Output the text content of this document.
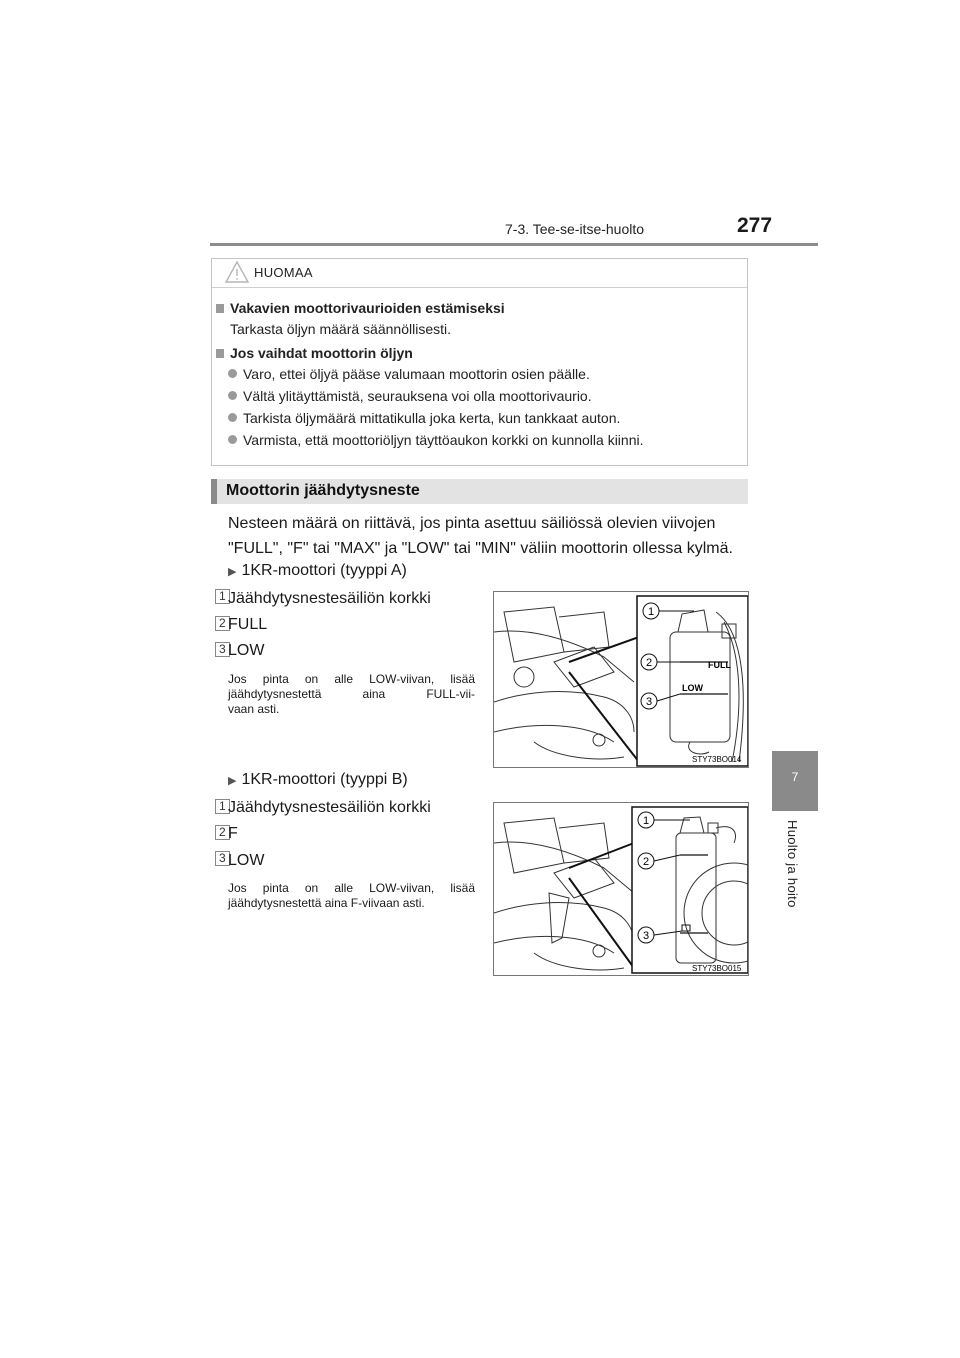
7-3. Tee-se-itse-huolto	277
7
Huolto ja hoito
HUOMAA
Vakavien moottorivaurioiden estämiseksi
Tarkasta öljyn määrä säännöllisesti.
Jos vaihdat moottorin öljyn
Varo, ettei öljyä pääse valumaan moottorin osien päälle.
Vältä ylitäyttämistä, seurauksena voi olla moottorivaurio.
Tarkista öljymäärä mittatikulla joka kerta, kun tankkaat auton.
Varmista, että moottoriöljyn täyttöaukon korkki on kunnolla kiinni.
Moottorin jäähdytysneste
Nesteen määrä on riittävä, jos pinta asettuu säiliössä olevien viivojen
"FULL", "F" tai "MAX" ja "LOW" tai "MIN" väliin moottorin ollessa kylmä.
▶ 1KR-moottori (tyyppi A)
1 Jäähdytysnestesäiliön korkki
2 FULL
3 LOW
Jos pinta on alle LOW-viivan, lisää
jäähdytysnestettä aina FULL-vii-
vaan asti.
FULL
LOW
1
2
3
STY73BO014
▶ 1KR-moottori (tyyppi B)
1 Jäähdytysnestesäiliön korkki
2 F
3 LOW
Jos pinta on alle LOW-viivan, lisää
jäähdytysnestettä aina F-viivaan asti.
1
2
3
STY73BO015
